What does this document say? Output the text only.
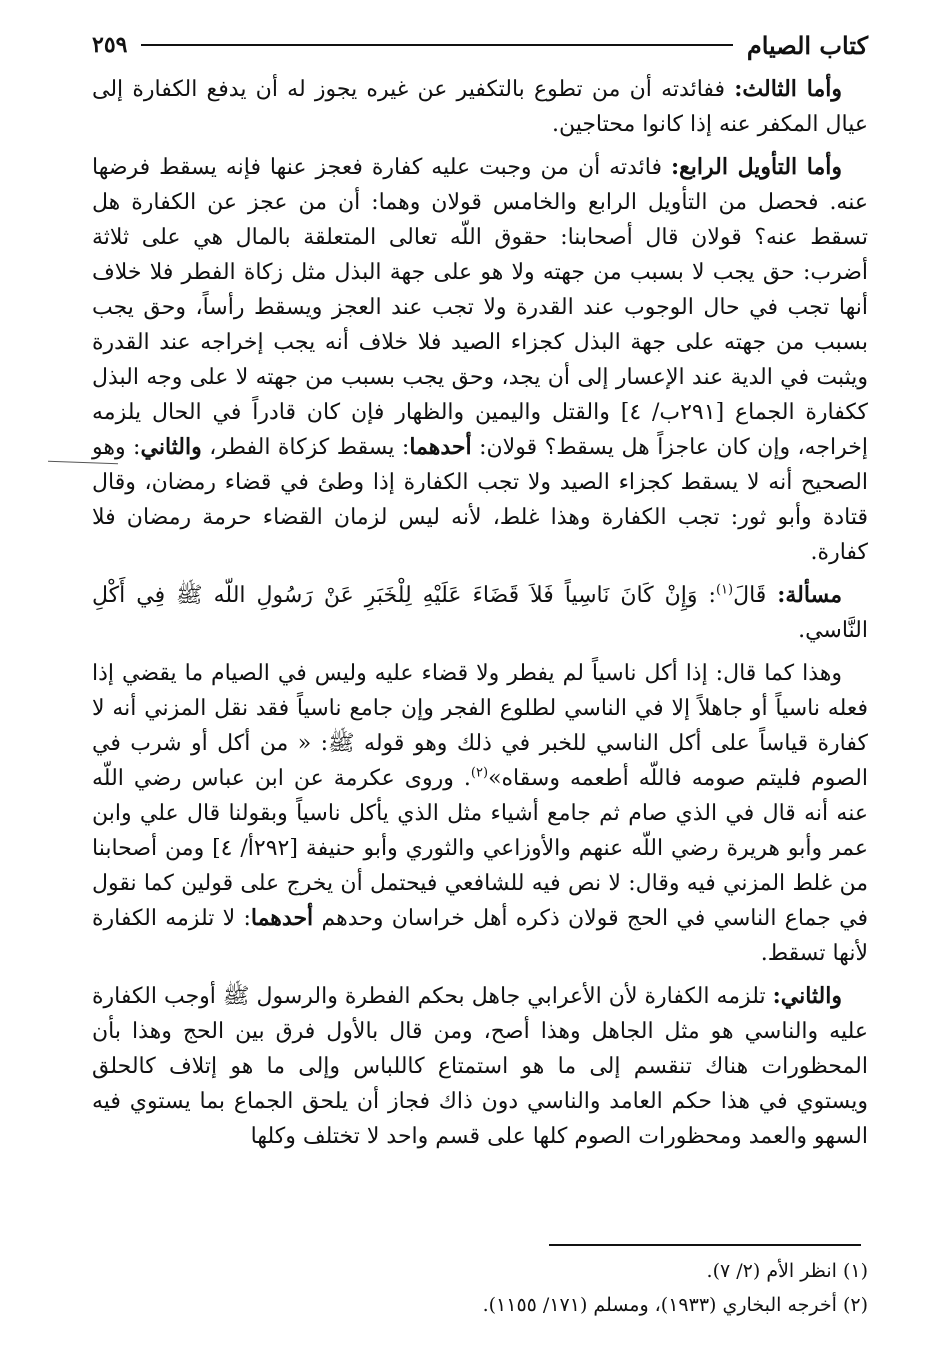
كتاب الصيام
٢٥٩

وأما الثالث: ففائدته أن من تطوع بالتكفير عن غيره يجوز له أن يدفع الكفارة إلى عيال المكفر عنه إذا كانوا محتاجين.

وأما التأويل الرابع: فائدته أن من وجبت عليه كفارة فعجز عنها فإنه يسقط فرضها عنه. فحصل من التأويل الرابع والخامس قولان وهما: أن من عجز عن الكفارة هل تسقط عنه؟ قولان قال أصحابنا: حقوق اللّه تعالى المتعلقة بالمال هي على ثلاثة أضرب: حق يجب لا بسبب من جهته ولا هو على جهة البذل مثل زكاة الفطر فلا خلاف أنها تجب في حال الوجوب عند القدرة ولا تجب عند العجز ويسقط رأساً، وحق يجب بسبب من جهته على جهة البذل كجزاء الصيد فلا خلاف أنه يجب إخراجه عند القدرة ويثبت في الدية عند الإعسار إلى أن يجد، وحق يجب بسبب من جهته لا على وجه البذل ككفارة الجماع [٢٩١ب/ ٤] والقتل واليمين والظهار فإن كان قادراً في الحال يلزمه إخراجه، وإن كان عاجزاً هل يسقط؟ قولان: أحدهما: يسقط كزكاة الفطر، والثاني: وهو الصحيح أنه لا يسقط كجزاء الصيد ولا تجب الكفارة إذا وطئ في قضاء رمضان، وقال قتادة وأبو ثور: تجب الكفارة وهذا غلط، لأنه ليس لزمان القضاء حرمة رمضان فلا كفارة.

مسألة: قَالَ$^{(١)}$: وَإِنْ كَانَ نَاسِياً فَلاَ قَضَاءَ عَلَيْهِ لِلْخَبَرِ عَنْ رَسُولِ اللّه ﷺ فِي أَكْلِ النَّاسي.

وهذا كما قال: إذا أكل ناسياً لم يفطر ولا قضاء عليه وليس في الصيام ما يقضي إذا فعله ناسياً أو جاهلاً إلا في الناسي لطلوع الفجر وإن جامع ناسياً فقد نقل المزني أنه لا كفارة قياساً على أكل الناسي للخبر في ذلك وهو قوله ﷺ: « من أكل أو شرب في الصوم فليتم صومه فاللّه أطعمه وسقاه»$^{(٢)}$. وروى عكرمة عن ابن عباس رضي اللّه عنه أنه قال في الذي صام ثم جامع أشياء مثل الذي يأكل ناسياً وبقولنا قال علي وابن عمر وأبو هريرة رضي اللّه عنهم والأوزاعي والثوري وأبو حنيفة [٢٩٢أ/ ٤] ومن أصحابنا من غلط المزني فيه وقال: لا نص فيه للشافعي فيحتمل أن يخرج على قولين كما نقول في جماع الناسي في الحج قولان ذكره أهل خراسان وحدهم أحدهما: لا تلزمه الكفارة لأنها تسقط.

والثاني: تلزمه الكفارة لأن الأعرابي جاهل بحكم الفطرة والرسول ﷺ أوجب الكفارة عليه والناسي هو مثل الجاهل وهذا أصح، ومن قال بالأول فرق بين الحج وهذا بأن المحظورات هناك تنقسم إلى ما هو استمتاع كاللباس وإلى ما هو إتلاف كالحلق ويستوي في هذا حكم العامد والناسي دون ذاك فجاز أن يلحق الجماع بما يستوي فيه السهو والعمد ومحظورات الصوم كلها على قسم واحد لا تختلف وكلها

(١) انظر الأم (٢/ ٧).
(٢) أخرجه البخاري (١٩٣٣)، ومسلم (١٧١/ ١١٥٥).
